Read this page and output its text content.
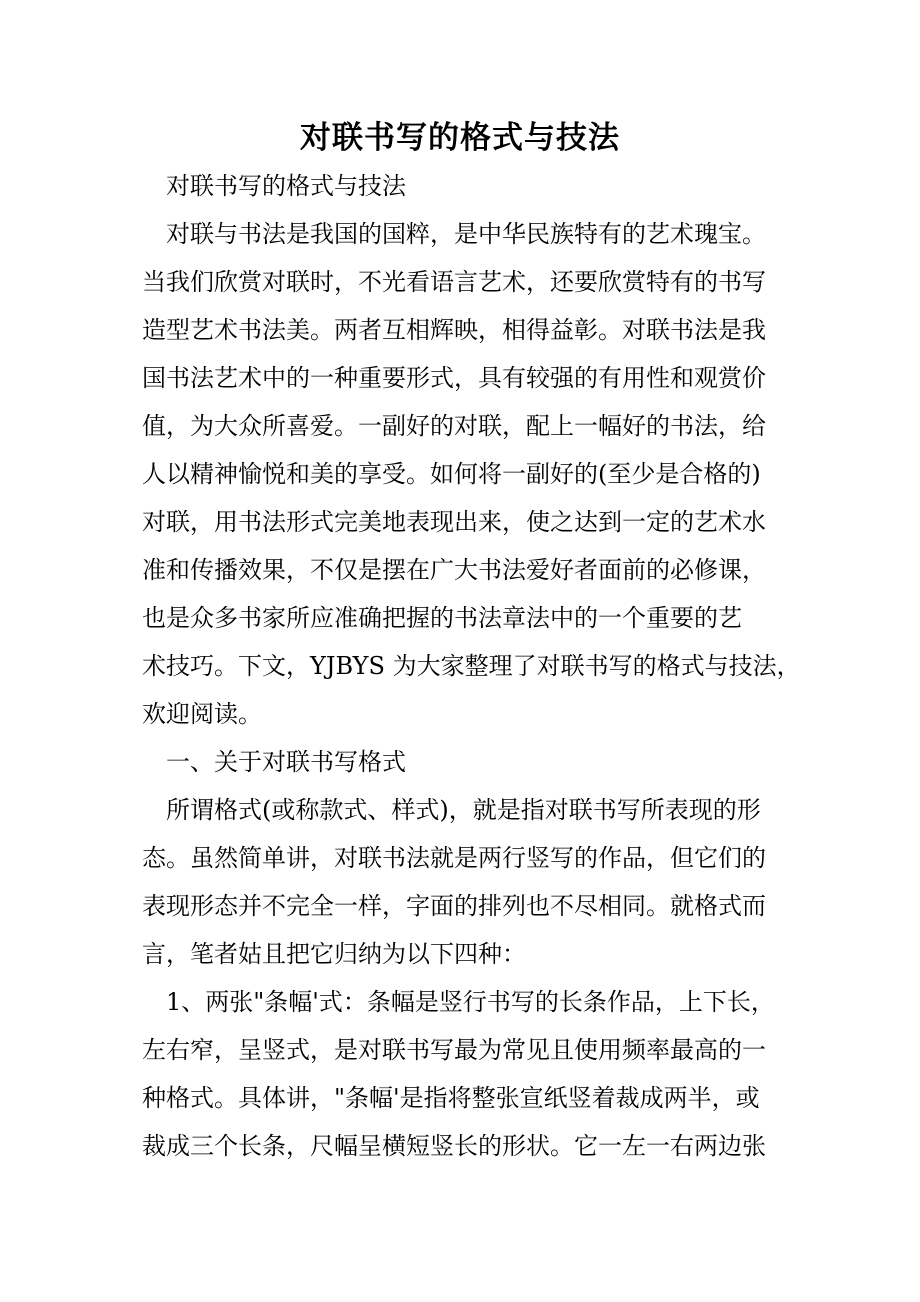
对联书写的格式与技法
对联书写的格式与技法
对联与书法是我国的国粹，是中华民族特有的艺术瑰宝。
当我们欣赏对联时，不光看语言艺术，还要欣赏特有的书写
造型艺术书法美。两者互相辉映，相得益彰。对联书法是我
国书法艺术中的一种重要形式，具有较强的有用性和观赏价
值，为大众所喜爱。一副好的对联，配上一幅好的书法，给
人以精神愉悦和美的享受。如何将一副好的(至少是合格的)
对联，用书法形式完美地表现出来，使之达到一定的艺术水
准和传播效果，不仅是摆在广大书法爱好者面前的必修课，
也是众多书家所应准确把握的书法章法中的一个重要的艺
术技巧。下文，YJBYS 为大家整理了对联书写的格式与技法，
欢迎阅读。
一、关于对联书写格式
所谓格式(或称款式、样式)，就是指对联书写所表现的形
态。虽然简单讲，对联书法就是两行竖写的作品，但它们的
表现形态并不完全一样，字面的排列也不尽相同。就格式而
言，笔者姑且把它归纳为以下四种：
1、两张"条幅'式：条幅是竖行书写的长条作品，上下长，
左右窄，呈竖式，是对联书写最为常见且使用频率最高的一
种格式。具体讲，"条幅'是指将整张宣纸竖着裁成两半，或
裁成三个长条，尺幅呈横短竖长的形状。它一左一右两边张
